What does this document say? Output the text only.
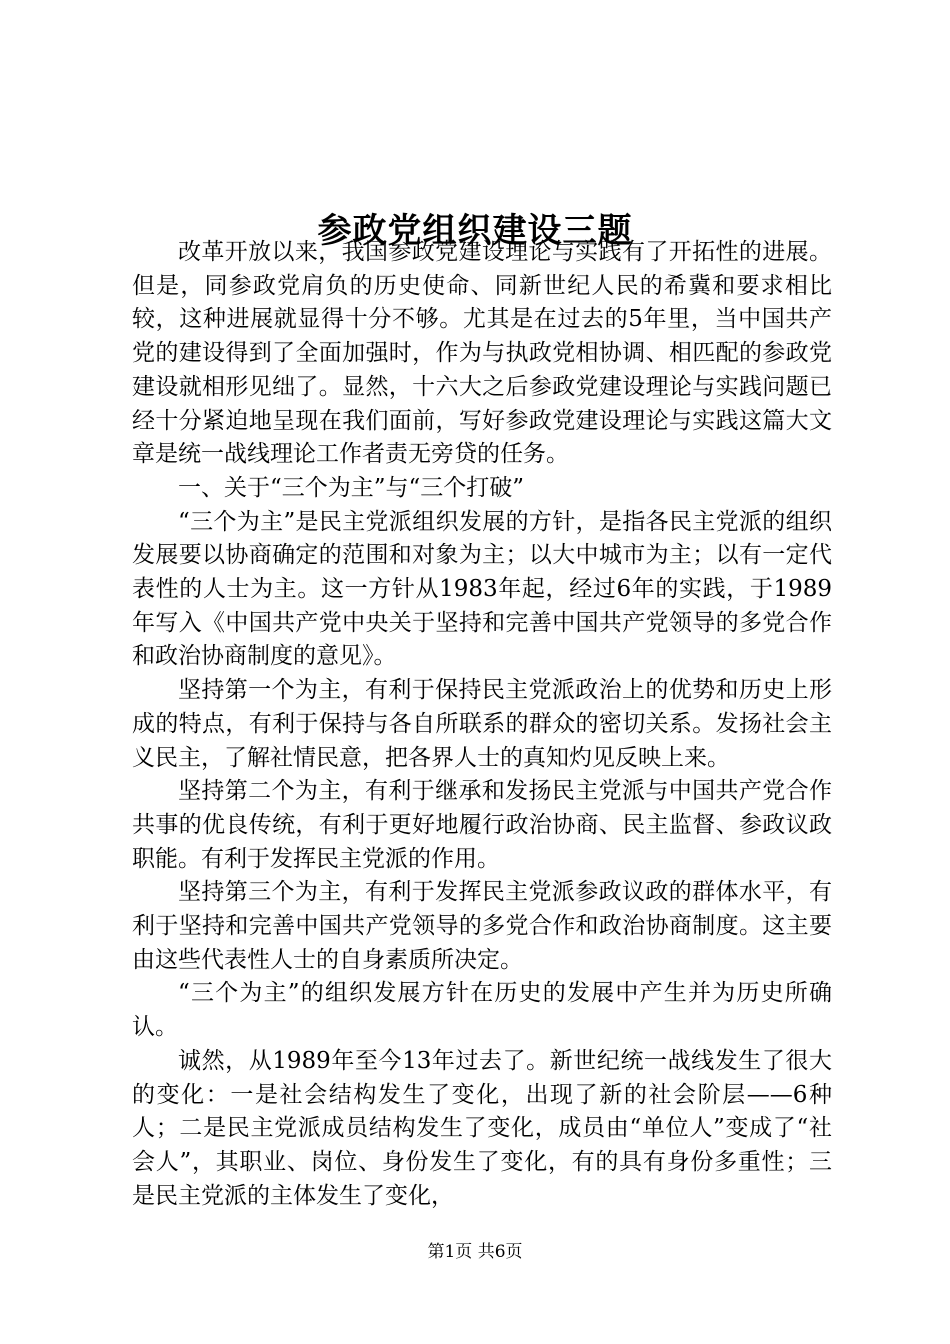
参政党组织建设三题

改革开放以来，我国参政党建设理论与实践有了开拓性的进展。但是，同参政党肩负的历史使命、同新世纪人民的希冀和要求相比较，这种进展就显得十分不够。尤其是在过去的5年里，当中国共产党的建设得到了全面加强时，作为与执政党相协调、相匹配的参政党建设就相形见绌了。显然，十六大之后参政党建设理论与实践问题已经十分紧迫地呈现在我们面前，写好参政党建设理论与实践这篇大文章是统一战线理论工作者责无旁贷的任务。

一、关于“三个为主”与“三个打破”

“三个为主”是民主党派组织发展的方针，是指各民主党派的组织发展要以协商确定的范围和对象为主；以大中城市为主；以有一定代表性的人士为主。这一方针从1983年起，经过6年的实践，于1989年写入《中国共产党中央关于坚持和完善中国共产党领导的多党合作和政治协商制度的意见》。

坚持第一个为主，有利于保持民主党派政治上的优势和历史上形成的特点，有利于保持与各自所联系的群众的密切关系。发扬社会主义民主，了解社情民意，把各界人士的真知灼见反映上来。

坚持第二个为主，有利于继承和发扬民主党派与中国共产党合作共事的优良传统，有利于更好地履行政治协商、民主监督、参政议政职能。有利于发挥民主党派的作用。

坚持第三个为主，有利于发挥民主党派参政议政的群体水平，有利于坚持和完善中国共产党领导的多党合作和政治协商制度。这主要由这些代表性人士的自身素质所决定。

“三个为主”的组织发展方针在历史的发展中产生并为历史所确认。

诚然，从1989年至今13年过去了。新世纪统一战线发生了很大的变化：一是社会结构发生了变化，出现了新的社会阶层——6种人；二是民主党派成员结构发生了变化，成员由“单位人”变成了“社会人”，其职业、岗位、身份发生了变化，有的具有身份多重性；三是民主党派的主体发生了变化，

第1页 共6页
